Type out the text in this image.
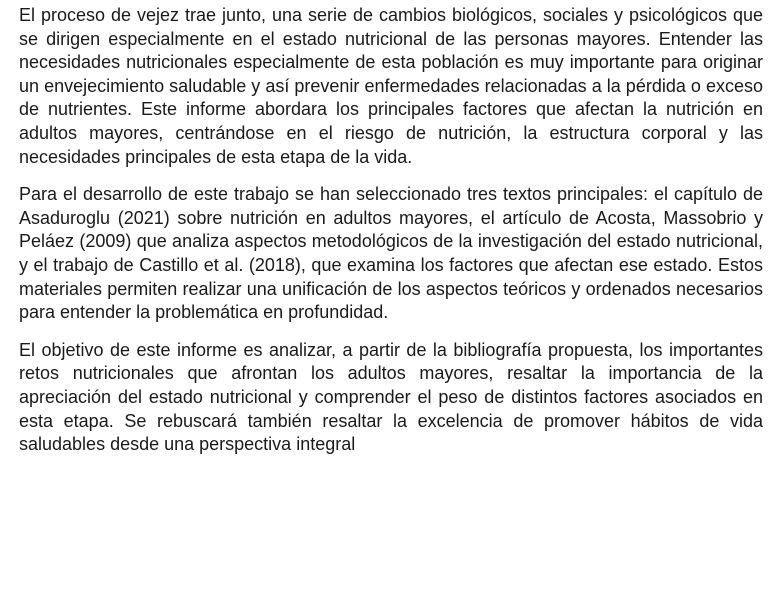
El proceso de vejez trae junto, una serie de cambios biológicos, sociales y psicológicos que se dirigen especialmente en el estado nutricional de las personas mayores. Entender las necesidades nutricionales especialmente de esta población es muy importante para originar un envejecimiento saludable y así prevenir enfermedades relacionadas a la pérdida o exceso de nutrientes. Este informe abordara los principales factores que afectan la nutrición en adultos mayores, centrándose en el riesgo de nutrición, la estructura corporal y las necesidades principales de esta etapa de la vida.

Para el desarrollo de este trabajo se han seleccionado tres textos principales: el capítulo de Asaduroglu (2021) sobre nutrición en adultos mayores, el artículo de Acosta, Massobrio y Peláez (2009) que analiza aspectos metodológicos de la investigación del estado nutricional, y el trabajo de Castillo et al. (2018), que examina los factores que afectan ese estado. Estos materiales permiten realizar una unificación de los aspectos teóricos y ordenados necesarios para entender la problemática en profundidad.

El objetivo de este informe es analizar, a partir de la bibliografía propuesta, los importantes retos nutricionales que afrontan los adultos mayores, resaltar la importancia de la apreciación del estado nutricional y comprender el peso de distintos factores asociados en esta etapa. Se rebuscará también resaltar la excelencia de promover hábitos de vida saludables desde una perspectiva integral
